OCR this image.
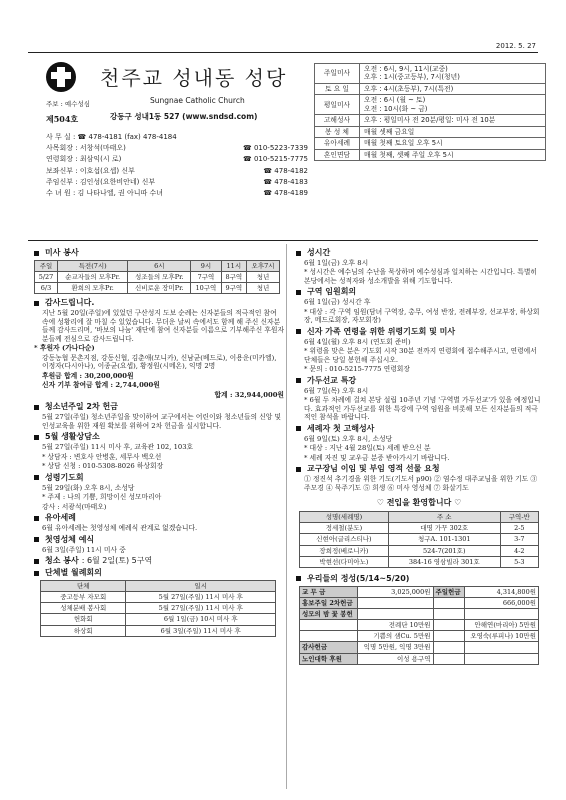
2012. 5. 27
천주교 성내동 성당
Sungnae Catholic Church
주보 : 예수성심
제504호	강동구 성내1동 527 (www.sndsd.com)
사 무 실 : ☎ 478-4181 (fax) 478-4184
사목회장 : 서창석(마태오)	☎ 010-5223-7339
연령회장 : 최삼익(시 로)	☎ 010-5215-7775
보좌신부 : 이호섭(요셉) 신부	☎ 478-4182
주임신부 : 김인성(요한비안네) 신부	☎ 478-4183
수 녀 원 : 김 나타나엘, 권 아니따 수녀	☎ 478-4189
주일미사	오전 : 6시, 9시, 11시(교중)
오후 : 1시(중고등부), 7시(청년)

토 요 일	오후 : 4시(초등부), 7시(특전)

평일미사	오전 : 6시 (월 ~ 토)
오전 : 10시(화 ~ 금)

고해성사	오후 : 평일미사 전 20분/평일: 미사 전 10분

봉 성 체	매월 셋째 금요일

유아세례	매월 첫째 토요일 오후 5시

혼인면담	매월 첫째, 셋째 주일 오후 5시
미사 봉사
주일	특전(7시)	6시	9시	11시	오후7시
5/27	순교자들의 모후Pr.	성조들의 모후Pr.	7구역	8구역	청년
6/3	환희의 모후Pr.	신비로운 장미Pr.	10구역	9구역	청년
감사드립니다.
지난 5월 20일(주일)에 있었던 구산성지 도보 순례는 신자분들의 적극적인 참여 속에 성황리에 잘 마칠 수 있었습니다. 무더운 날씨 속에서도 함께 해 주신 신자분들께 감사드리며, '바보의 나눔' 재단에 참여 신자분들 이름으로 기부해주신 후원자분들께 전심으로 감사드립니다.
* 후원자 (가나다순)
강동농협 문촌지점, 강동신협, 김춘애(모니카), 신남균(베드로), 이용운(미카엘), 이정자(다시아나), 이종균(요셉), 황정원(시메온), 익명 2명
후원금 합계 : 30,200,000원
신자 기부 참여금 합계 : 2,744,000원
합계 : 32,944,000원
청소년주일 2차 헌금
5월 27일(주일) 청소년주일을 맞이하여 교구에서는 어린이와 청소년들의 신앙 및 인성교육을 위한 재원 확보를 위하여 2차 헌금을 실시합니다.
5월 생활상담소
5월 27일(주일) 11시 미사 후, 교육관 102, 103호
* 상담자 : 변호사 안병훈, 세무사 백오선
* 상담 신청 : 010-5308-8026 하상회장
성령기도회
5월 29일(화) 오후 8시, 소성당
* 주제 : 나의 기쁨, 희망이신 성모마리아
강사 : 서광석(마태오)
유아세례
6월 유아세례는 첫영성체 예례식 관계로 없겠습니다.
첫영성체 예식
6월 3일(주일) 11시 미사 중
청소 봉사 : 6월 2일(토) 5구역
단체별 월례회의
단체	일시
중고등부 자모회	5월 27일(주일) 11시 미사 후
성체분배 봉사회	5월 27일(주일) 11시 미사 후
헌화회	6월 1일(금) 10시 미사 후
하상회	6월 3일(주일) 11시 미사 후
성시간
6월 1일(금) 오후 8시
* 성시간은 예수님의 수난을 묵상하며 예수성심과 일치하는 시간입니다. 특별히 본당에서는 성적자와 성소개발을 위해 기도합니다.
구역 임원회의
6월 1일(금) 성시간 후
* 대상 : 각 구역 임원(담녀 구역장, 총무, 여성 반장, 전례부장, 선교부장, 하상회장, 메드로회장, 자모회장)
신자 가족 연령을 위한 위령기도회 및 미사
6월 4일(월) 오후 8시 (연도회 준비)
* 위령을 맞은 분은 기도회 시작 30분 전까지 연령회에 접수해주시고, 연령에서 단체들은 당일 봉헌해 주십시오.
* 문의 : 010-5215-7775 연령회장
가두선교 특강
6월 7일(목) 오후 8시
* 6월 두 차례에 걸쳐 본당 설립 10주년 기념 '구역별 가두선교'가 있을 예정입니다. 효과적인 가두선교를 위한 특강에 구역 임원을 비롯해 모든 신자분들의 적극적인 참석을 바랍니다.
세례자 첫 고해성사
6월 9일(토) 오후 8시, 소성당
* 대상 : 지난 4월 28일(토) 세례 받으신 분
* 세례 자진 및 교우금 분증 받아가시기 바랍니다.
교구장님 이임 및 부임 영적 선물 요청
① 정진석 추기경을 위한 기도(기도서 p90) ② 염수정 대주교님을 위한 기도 ③ 주모경 ④ 묵주기도 ⑤ 희생 ⑥ 미사 영성체 ⑦ 화살기도
♡ 전입을 환영합니다 ♡
성명(세례명)	주 소	구역-반
정세철(분도)	대명 가꾸 302호	2-5
신현아(글리스티나)	청구A. 101-1301	3-7
장희정(베로니카)	524-7(201호)	4-2
박현선(다미아노)	384-16 영삼빌라 301호	5-3
우리들의 정성(5/14~5/20)
교 무 금	3,025,000원	주일헌금	4,314,800원
홍보주일 2차헌금			666,000원
성모의 밤 꽃 봉헌			
	전례단 10만원		안해연(마리아) 5만원
	기쁨의 샘Cu. 5만원		오영숙(루피나) 10만원
감사헌금	익명 5만원, 익명 3만원		
노인대학 후원	이성 용구역		
